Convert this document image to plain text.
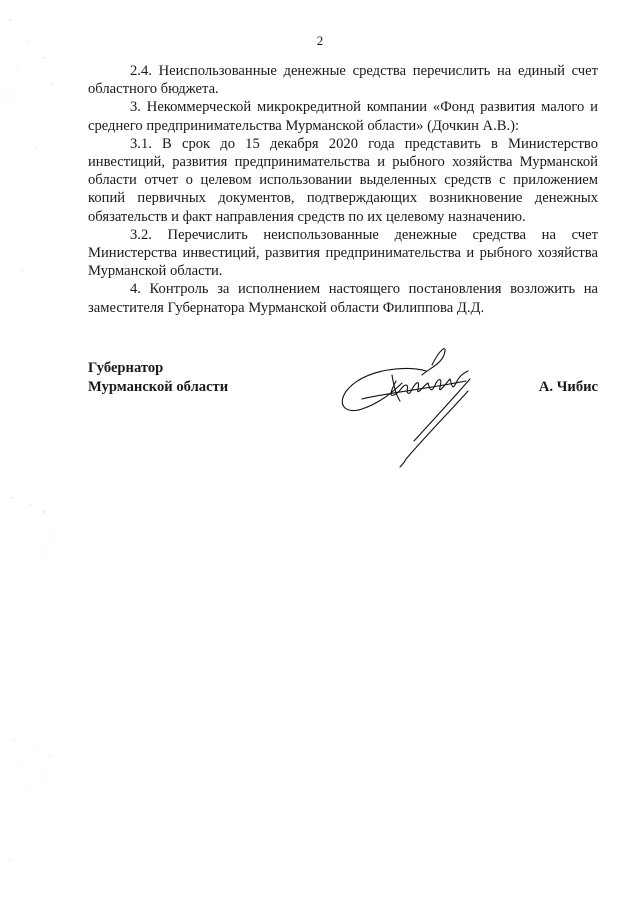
2

2.4. Неиспользованные денежные средства перечислить на единый счет областного бюджета.

3. Некоммерческой микрокредитной компании «Фонд развития малого и среднего предпринимательства Мурманской области» (Дочкин А.В.):

3.1. В срок до 15 декабря 2020 года представить в Министерство инвестиций, развития предпринимательства и рыбного хозяйства Мурманской области отчет о целевом использовании выделенных средств с приложением копий первичных документов, подтверждающих возникновение денежных обязательств и факт направления средств по их целевому назначению.

3.2. Перечислить неиспользованные денежные средства на счет Министерства инвестиций, развития предпринимательства и рыбного хозяйства Мурманской области.

4. Контроль за исполнением настоящего постановления возложить на заместителя Губернатора Мурманской области Филиппова Д.Д.

Губернатор
Мурманской области	А. Чибис
